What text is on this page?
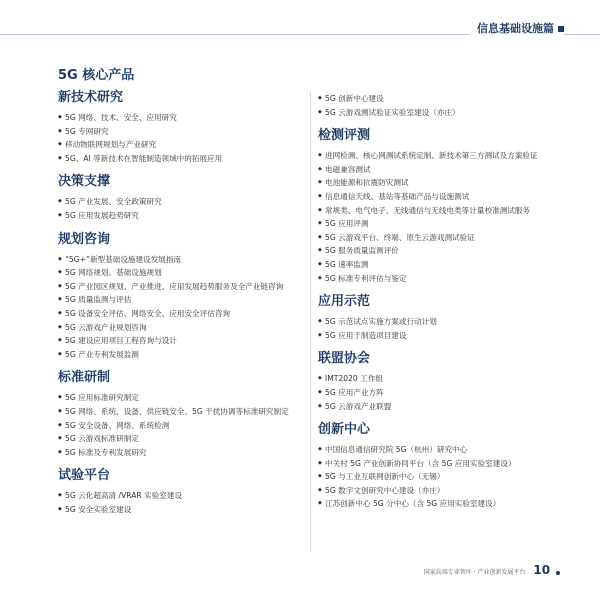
信息基础设施篇
5G 核心产品
新技术研究
◆ 5G 网络、技术、安全、应用研究
◆ 5G 专网研究
◆ 移动物联网规划与产业研究
◆ 5G、AI 等新技术在智能制造领域中的拓展应用
决策支撑
◆ 5G 产业发展、安全政策研究
◆ 5G 应用发展趋势研究
规划咨询
◆ “5G+”新型基础设施建设发展指南
◆ 5G 网络规划、基础设施规划
◆ 5G 产业园区规划、产业推进、应用发展趋势服务及全产业链咨询
◆ 5G 质量监测与评估
◆ 5G 设备安全评估、网络安全、应用安全评估咨询
◆ 5G 云游戏产业规划咨询
◆ 5G 建设应用项目工程咨询与设计
◆ 5G 产业专利发展监测
标准研制
◆ 5G 应用标准研究制定
◆ 5G 网络、系统、设备、供应链安全、5G 干扰协调等标准研究制定
◆ 5G 安全设备、网络、系统检测
◆ 5G 云游戏标准研制定
◆ 5G 标准及专利发展研究
试验平台
◆ 5G 云化超高清 /VRAR 实验室建设
◆ 5G 安全实验室建设
◆ 5G 创新中心建设
◆ 5G 云游戏测试验证实验室建设（亦庄）
检测评测
◆ 进网检测、核心网测试系统定制、新技术第三方测试及方案验证
◆ 电磁兼容测试
◆ 电池能源和抗震防灾测试
◆ 信息通信天线、基站等基础产品与设施测试
◆ 常规类、电气电子、无线通信与无线电类等计量校准测试服务
◆ 5G 应用评测
◆ 5G 云游戏平台、终端、原生云游戏测试验证
◆ 5G 服务质量监测评价
◆ 5G 速率监测
◆ 5G 标准专利评估与鉴定
应用示范
◆ 5G 示范试点实施方案或行动计划
◆ 5G 应用于制造项目建设
联盟协会
◆ IMT2020 工作组
◆ 5G 应用产业方阵
◆ 5G 云游戏产业联盟
创新中心
◆ 中国信息通信研究院 5G（杭州）研究中心
◆ 中关村 5G 产业创新协同平台（含 5G 应用实验室建设）
◆ 5G 与工业互联网创新中心（无锡）
◆ 5G 数字文创研究中心建设（亦庄）
◆ 江苏创新中心 5G 分中心（含 5G 应用实验室建设）
国家高端专业智库 · 产业创新发展平台 10
